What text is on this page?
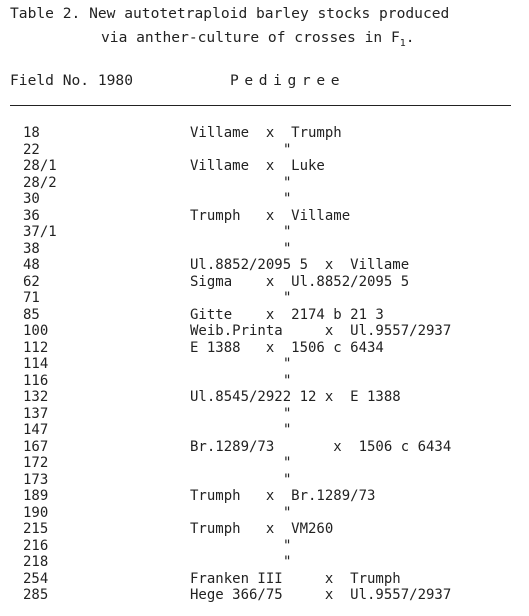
Table 2. New autotetraploid barley stocks produced
via anther-culture of crosses in $F_1$.
Field No. 1980	Pedigree
18	Villame  x  Trumph
22	"
28/1	Villame  x  Luke
28/2	"
30	"
36	Trumph   x  Villame
37/1	"
38	"
48	Ul.8852/2095 5  x  Villame
62	Sigma    x  Ul.8852/2095 5
71	"
85	Gitte    x  2174 b 21 3
100	Weib.Printa     x  Ul.9557/2937
112	E 1388   x  1506 c 6434
114	"
116	"
132	Ul.8545/2922 12 x  E 1388
137	"
147	"
167	Br.1289/73       x  1506 c 6434
172	"
173	"
189	Trumph   x  Br.1289/73
190	"
215	Trumph   x  VM260
216	"
218	"
254	Franken III     x  Trumph
285	Hege 366/75     x  Ul.9557/2937
